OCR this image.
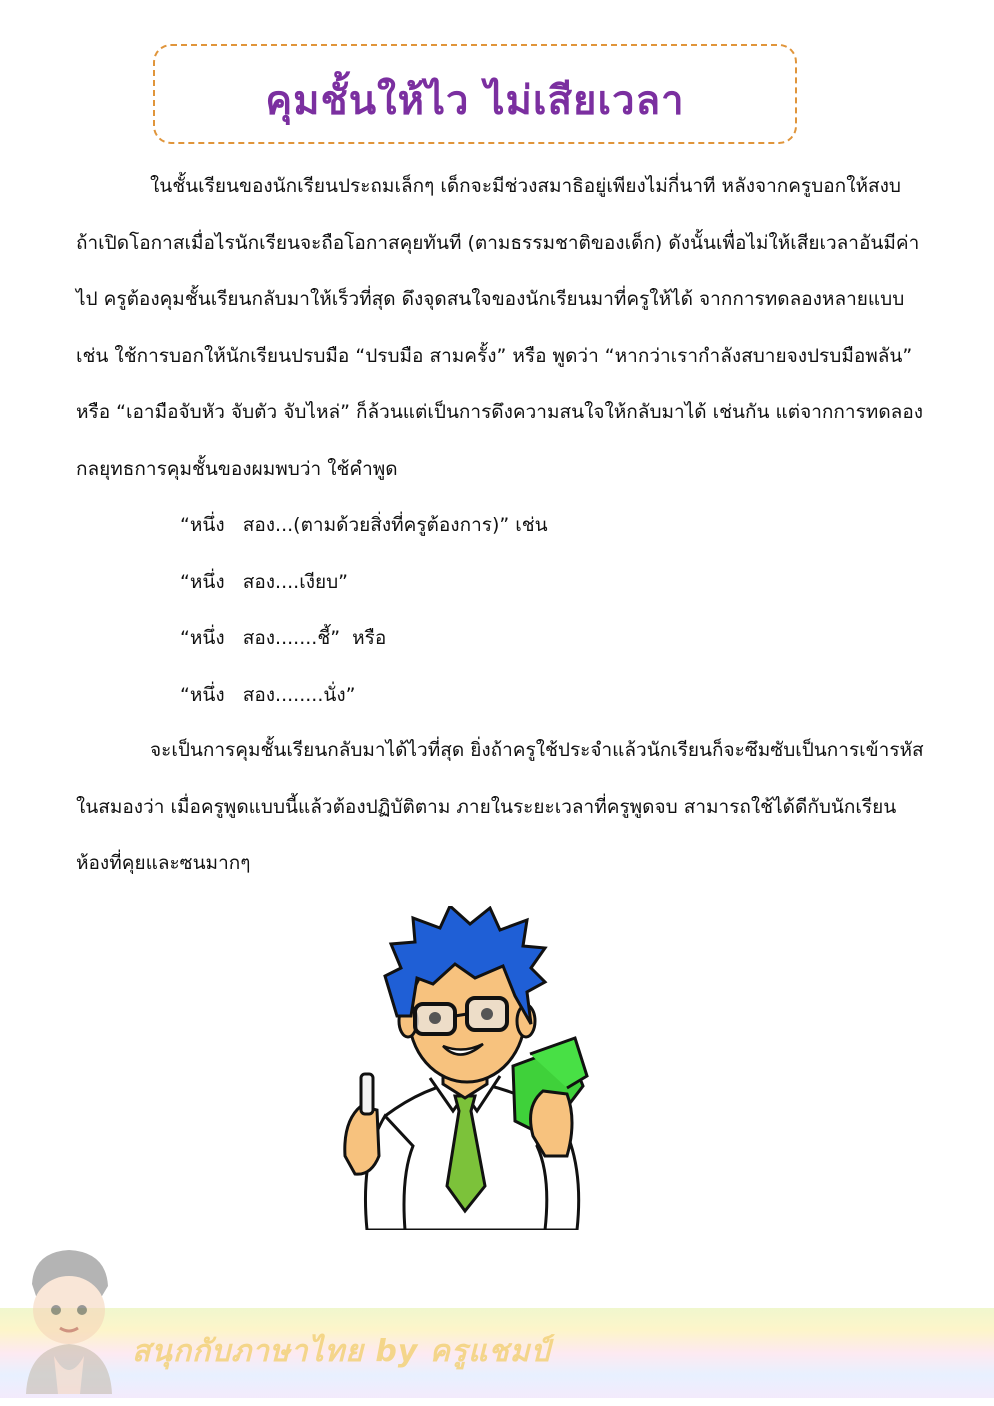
คุมชั้นให้ไว ไม่เสียเวลา

ในชั้นเรียนของนักเรียนประถมเล็กๆ เด็กจะมีช่วงสมาธิอยู่เพียงไม่กี่นาที หลังจากครูบอกให้สงบ ถ้าเปิดโอกาสเมื่อไรนักเรียนจะถือโอกาสคุยทันที (ตามธรรมชาติของเด็ก) ดังนั้นเพื่อไม่ให้เสียเวลาอันมีค่าไป ครูต้องคุมชั้นเรียนกลับมาให้เร็วที่สุด ดึงจุดสนใจของนักเรียนมาที่ครูให้ได้ จากการทดลองหลายแบบ เช่น ใช้การบอกให้นักเรียนปรบมือ “ปรบมือ สามครั้ง” หรือ พูดว่า “หากว่าเรากำลังสบายจงปรบมือพลัน” หรือ “เอามือจับหัว จับตัว จับไหล่” ก็ล้วนแต่เป็นการดึงความสนใจให้กลับมาได้ เช่นกัน แต่จากการทดลองกลยุทธการคุมชั้นของผมพบว่า ใช้คำพูด

“หนึ่ง   สอง...(ตามด้วยสิ่งที่ครูต้องการ)” เช่น
“หนึ่ง   สอง....เงียบ”
“หนึ่ง   สอง.......ชี้”  หรือ
“หนึ่ง   สอง........นั่ง”

จะเป็นการคุมชั้นเรียนกลับมาได้ไวที่สุด ยิ่งถ้าครูใช้ประจำแล้วนักเรียนก็จะซึมซับเป็นการเข้ารหัสในสมองว่า เมื่อครูพูดแบบนี้แล้วต้องปฏิบัติตาม ภายในระยะเวลาที่ครูพูดจบ สามารถใช้ได้ดีกับนักเรียนห้องที่คุยและซนมากๆ

สนุกกับภาษาไทย by ครูแชมป์
